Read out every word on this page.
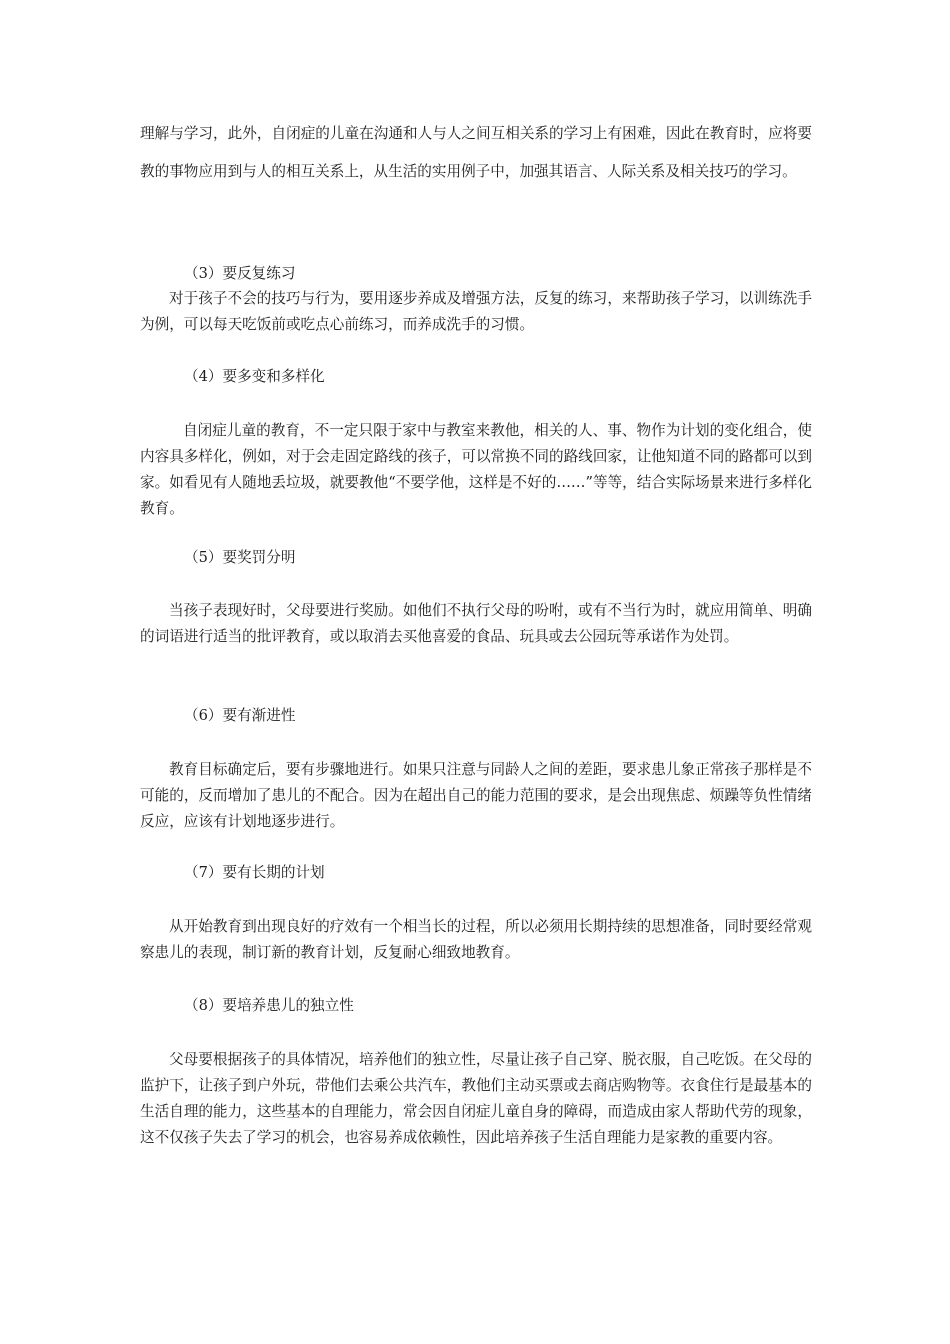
理解与学习，此外，自闭症的儿童在沟通和人与人之间互相关系的学习上有困难，因此在教育时，应将要教的事物应用到与人的相互关系上，从生活的实用例子中，加强其语言、人际关系及相关技巧的学习。

（3）要反复练习

对于孩子不会的技巧与行为，要用逐步养成及增强方法，反复的练习，来帮助孩子学习，以训练洗手为例，可以每天吃饭前或吃点心前练习，而养成洗手的习惯。

（4）要多变和多样化

自闭症儿童的教育，不一定只限于家中与教室来教他，相关的人、事、物作为计划的变化组合，使内容具多样化，例如，对于会走固定路线的孩子，可以常换不同的路线回家，让他知道不同的路都可以到家。如看见有人随地丢垃圾，就要教他“不要学他，这样是不好的……”等等，结合实际场景来进行多样化教育。

（5）要奖罚分明

当孩子表现好时，父母要进行奖励。如他们不执行父母的吩咐，或有不当行为时，就应用简单、明确的词语进行适当的批评教育，或以取消去买他喜爱的食品、玩具或去公园玩等承诺作为处罚。

（6）要有渐进性

教育目标确定后，要有步骤地进行。如果只注意与同龄人之间的差距，要求患儿象正常孩子那样是不可能的，反而增加了患儿的不配合。因为在超出自己的能力范围的要求，是会出现焦虑、烦躁等负性情绪反应，应该有计划地逐步进行。

（7）要有长期的计划

从开始教育到出现良好的疗效有一个相当长的过程，所以必须用长期持续的思想准备，同时要经常观察患儿的表现，制订新的教育计划，反复耐心细致地教育。

（8）要培养患儿的独立性

父母要根据孩子的具体情况，培养他们的独立性，尽量让孩子自己穿、脱衣服，自己吃饭。在父母的监护下，让孩子到户外玩，带他们去乘公共汽车，教他们主动买票或去商店购物等。衣食住行是最基本的生活自理的能力，这些基本的自理能力，常会因自闭症儿童自身的障碍，而造成由家人帮助代劳的现象，这不仅孩子失去了学习的机会，也容易养成依赖性，因此培养孩子生活自理能力是家教的重要内容。
